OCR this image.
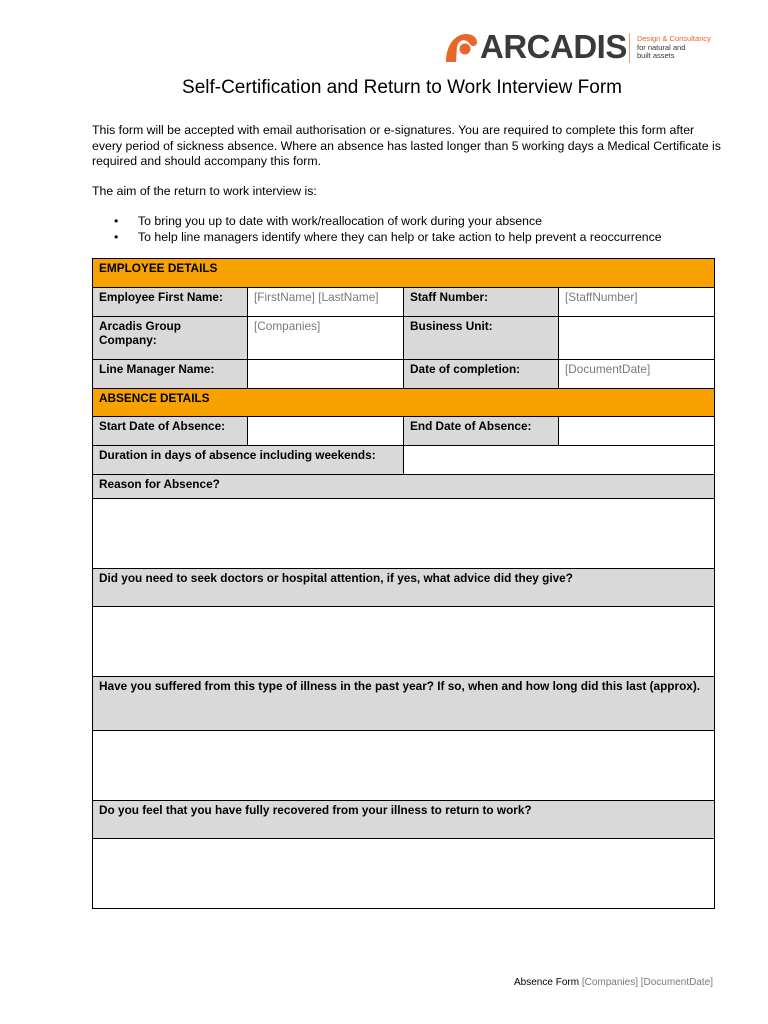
ARCADIS Design & Consultancy
for natural and
built assets
Self-Certification and Return to Work Interview Form

This form will be accepted with email authorisation or e-signatures. You are required to complete this form after every period of sickness absence. Where an absence has lasted longer than 5 working days a Medical Certificate is required and should accompany this form.

The aim of the return to work interview is:

• To bring you up to date with work/reallocation of work during your absence
• To help line managers identify where they can help or take action to help prevent a reoccurrence
EMPLOYEE DETAILS			
Employee First Name:	[FirstName] [LastName]	Staff Number:	[StaffNumber]
Arcadis Group Company:	[Companies]	Business Unit:	
Line Manager Name:		Date of completion:	[DocumentDate]
ABSENCE DETAILS			
Start Date of Absence:		End Date of Absence:	
Duration in days of absence including weekends:			
Reason for Absence?			

Did you need to seek doctors or hospital attention, if yes, what advice did they give?			

Have you suffered from this type of illness in the past year? If so, when and how long did this last (approx).			

Do you feel that you have fully recovered from your illness to return to work?			

Absence Form [Companies] [DocumentDate]
